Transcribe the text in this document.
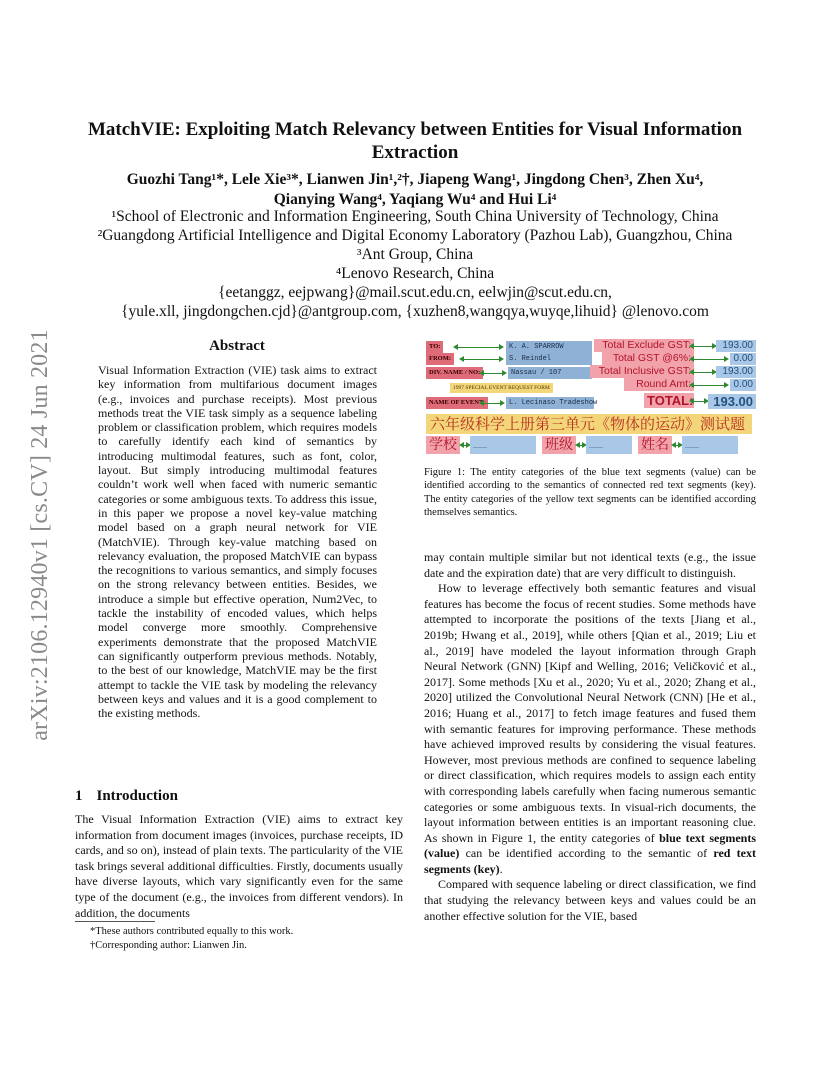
arXiv:2106.12940v1 [cs.CV] 24 Jun 2021
MatchVIE: Exploiting Match Relevancy between Entities for Visual Information Extraction
Guozhi Tang¹*, Lele Xie³*, Lianwen Jin¹,²†, Jiapeng Wang¹, Jingdong Chen³, Zhen Xu⁴,
Qianying Wang⁴, Yaqiang Wu⁴ and Hui Li⁴
¹School of Electronic and Information Engineering, South China University of Technology, China
²Guangdong Artificial Intelligence and Digital Economy Laboratory (Pazhou Lab), Guangzhou, China
³Ant Group, China
⁴Lenovo Research, China
{eetanggz, eejpwang}@mail.scut.edu.cn, eelwjin@scut.edu.cn,
{yule.xll, jingdongchen.cjd}@antgroup.com, {xuzhen8,wangqya,wuyqe,lihuid} @lenovo.com
Abstract
Visual Information Extraction (VIE) task aims to extract key information from multifarious document images (e.g., invoices and purchase receipts). Most previous methods treat the VIE task simply as a sequence labeling problem or classification problem, which requires models to carefully identify each kind of semantics by introducing multimodal features, such as font, color, layout. But simply introducing multimodal features couldn’t work well when faced with numeric semantic categories or some ambiguous texts. To address this issue, in this paper we propose a novel key-value matching model based on a graph neural network for VIE (MatchVIE). Through key-value matching based on relevancy evaluation, the proposed MatchVIE can bypass the recognitions to various semantics, and simply focuses on the strong relevancy between entities. Besides, we introduce a simple but effective operation, Num2Vec, to tackle the instability of encoded values, which helps model converge more smoothly. Comprehensive experiments demonstrate that the proposed MatchVIE can significantly outperform previous methods. Notably, to the best of our knowledge, MatchVIE may be the first attempt to tackle the VIE task by modeling the relevancy between keys and values and it is a good complement to the existing methods.
1 Introduction
The Visual Information Extraction (VIE) aims to extract key information from document images (invoices, purchase receipts, ID cards, and so on), instead of plain texts. The particularity of the VIE task brings several additional difficulties. Firstly, documents usually have diverse layouts, which vary significantly even for the same type of the document (e.g., the invoices from different vendors). In addition, the documents
*These authors contributed equally to this work.
†Corresponding author: Lianwen Jin.
TO:	K. A. SPARROW
FROM:	S. Reindel
DIV. NAME / NO:	Nassau / 107
1997 SPECIAL EVENT REQUEST FORM
NAME OF EVENT:	L. Lecinaso Tradeshow
Total Exclude GST:	193.00
Total GST @6%:	0.00
Total Inclusive GST:	193.00
Round Amt:	0.00
TOTAL:	193.00
六年级科学上册第三单元《物体的运动》测试题
学校	____	班级	____	姓名	____
Figure 1: The entity categories of the blue text segments (value) can be identified according to the semantics of connected red text segments (key). The entity categories of the yellow text segments can be identified according themselves semantics.

may contain multiple similar but not identical texts (e.g., the issue date and the expiration date) that are very difficult to distinguish.

How to leverage effectively both semantic features and visual features has become the focus of recent studies. Some methods have attempted to incorporate the positions of the texts [Jiang et al., 2019b; Hwang et al., 2019], while others [Qian et al., 2019; Liu et al., 2019] have modeled the layout information through Graph Neural Network (GNN) [Kipf and Welling, 2016; Veličković et al., 2017]. Some methods [Xu et al., 2020; Yu et al., 2020; Zhang et al., 2020] utilized the Convolutional Neural Network (CNN) [He et al., 2016; Huang et al., 2017] to fetch image features and fused them with semantic features for improving performance. These methods have achieved improved results by considering the visual features. However, most previous methods are confined to sequence labeling or direct classification, which requires models to assign each entity with corresponding labels carefully when facing numerous semantic categories or some ambiguous texts. In visual-rich documents, the layout information between entities is an important reasoning clue. As shown in Figure 1, the entity categories of blue text segments (value) can be identified according to the semantic of red text segments (key).

Compared with sequence labeling or direct classification, we find that studying the relevancy between keys and values could be an another effective solution for the VIE, based
